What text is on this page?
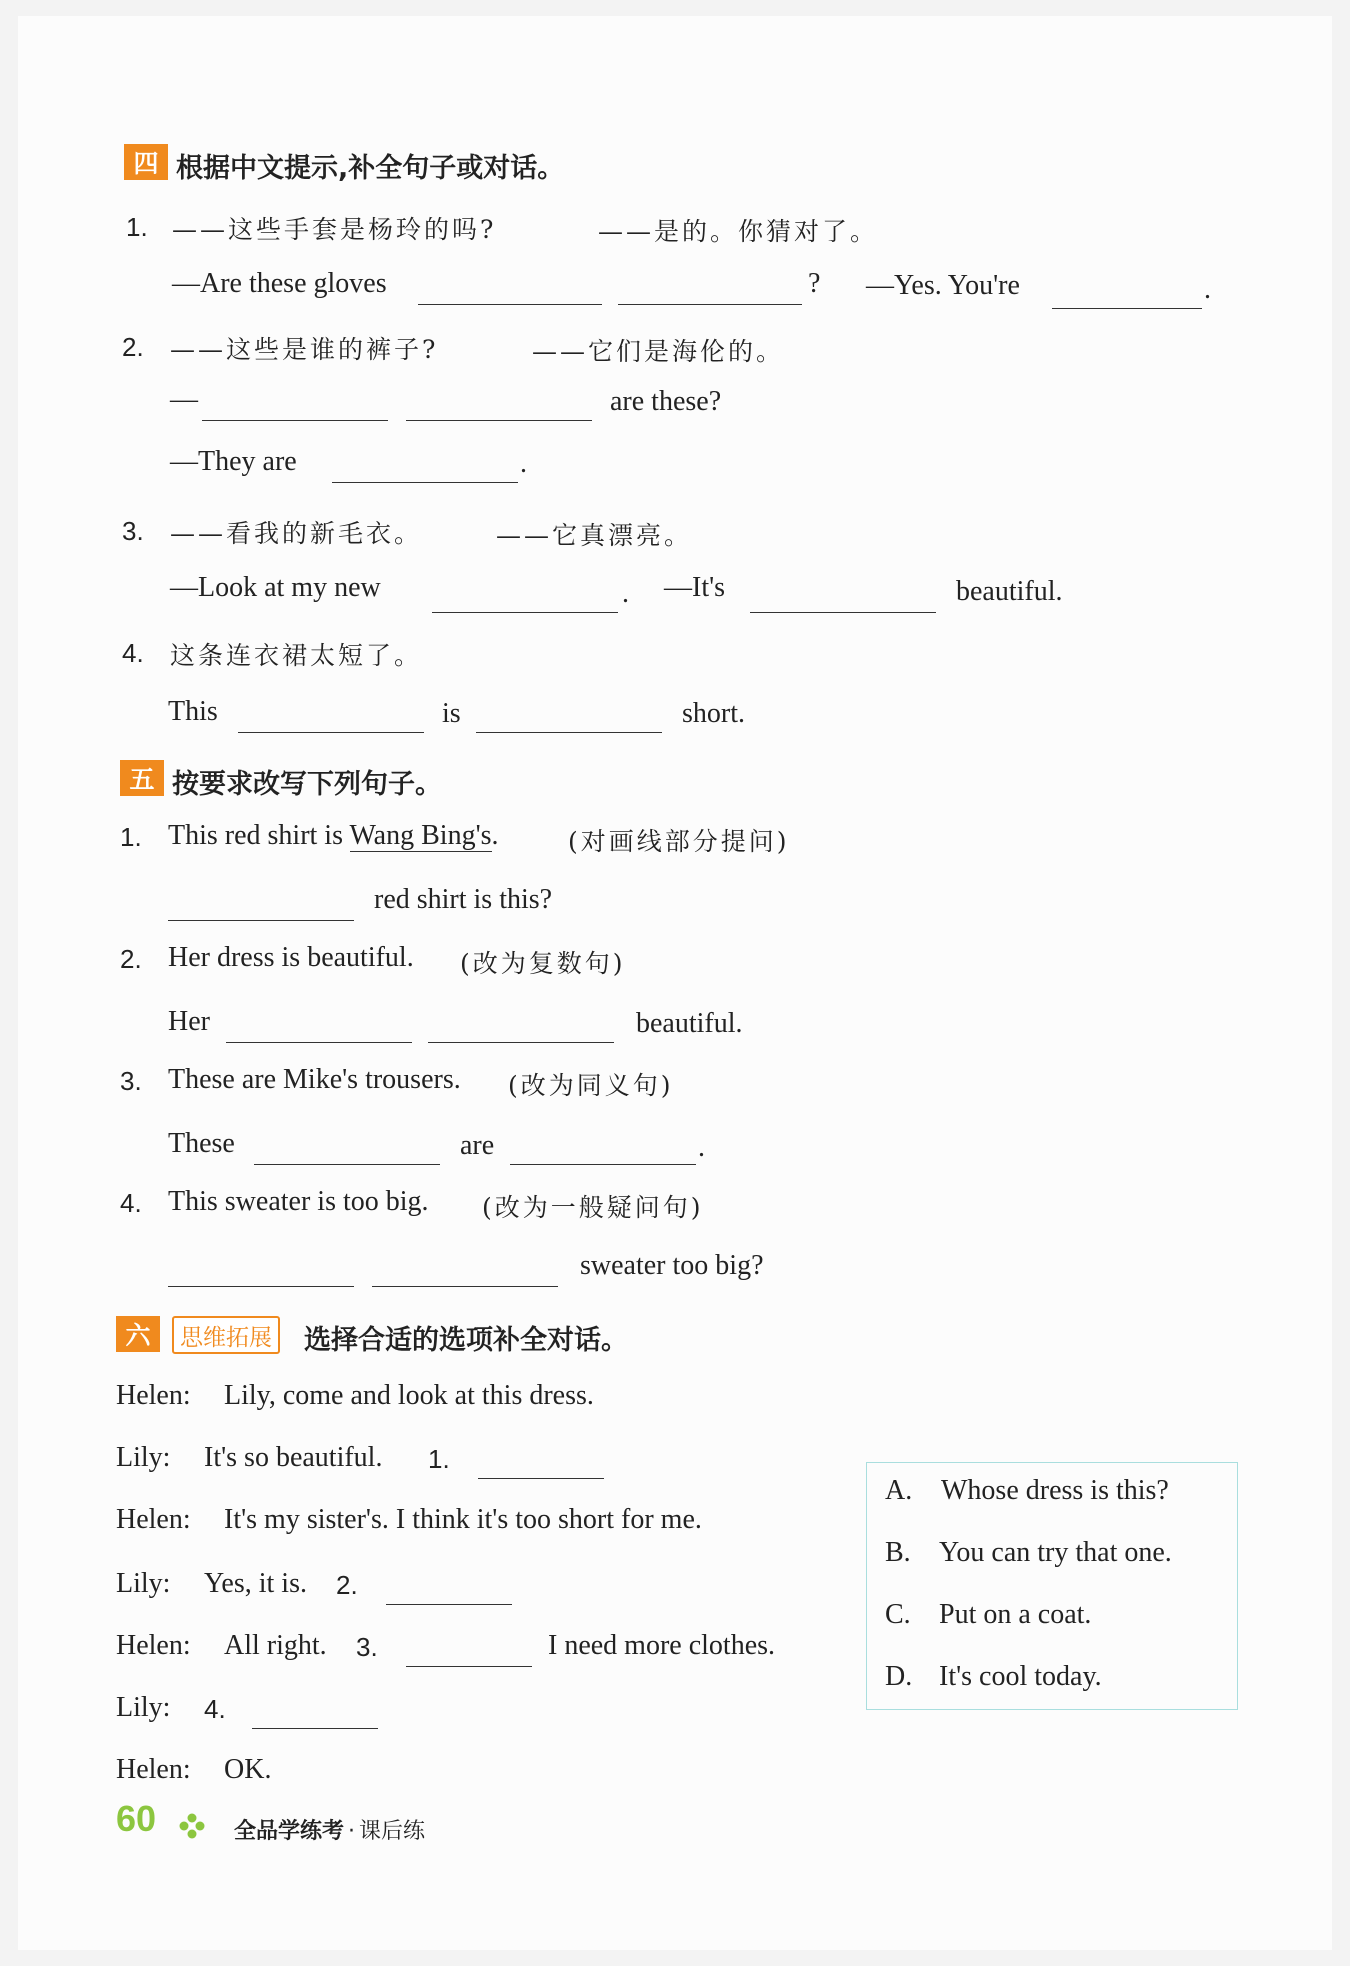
四 根据中文提示,补全句子或对话。
1. ——这些手套是杨玲的吗?	——是的。你猜对了。
—Are these gloves	? —Yes. You're	.
2. ——这些是谁的裤子?	——它们是海伦的。
—	are these?
—They are	.
3. ——看我的新毛衣。	——它真漂亮。
—Look at my new	. —It's	beautiful.
4. 这条连衣裙太短了。
This	is	short.
五 按要求改写下列句子。
1. This red shirt is Wang Bing's.	(对画线部分提问)
red shirt is this?
2. Her dress is beautiful. (改为复数句)
Her	beautiful.
3. These are Mike's trousers. (改为同义句)
These	are	.
4. This sweater is too big. (改为一般疑问句)
sweater too big?
六	思维拓展 选择合适的选项补全对话。
Helen: Lily, come and look at this dress.
Lily: It's so beautiful. 1.
Helen: It's my sister's. I think it's too short for me.
Lily: Yes, it is. 2.
Helen: All right. 3.	I need more clothes.
Lily: 4.
Helen: OK.
A. Whose dress is this?
B. You can try that one.
C. Put on a coat.
D. It's cool today.
60	全品学练考 · 课后练
